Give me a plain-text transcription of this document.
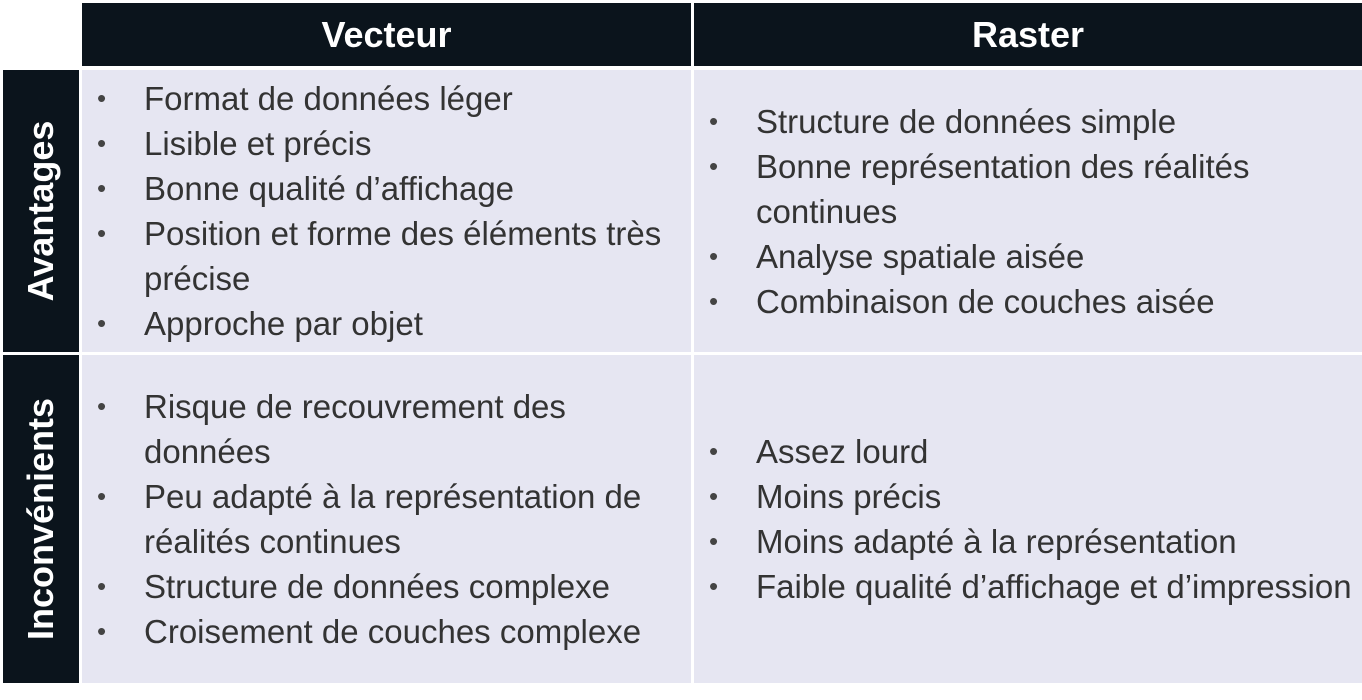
Vecteur	Raster
Avantages
Inconvénients
• Format de données léger
• Lisible et précis
• Bonne qualité d’affichage
• Position et forme des éléments très précise
• Approche par objet
• Structure de données simple
• Bonne représentation des réalités continues
• Analyse spatiale aisée
• Combinaison de couches aisée
• Risque de recouvrement des données
• Peu adapté à la représentation de réalités continues
• Structure de données complexe
• Croisement de couches complexe
• Assez lourd
• Moins précis
• Moins adapté à la représentation
• Faible qualité d’affichage et d’impression
